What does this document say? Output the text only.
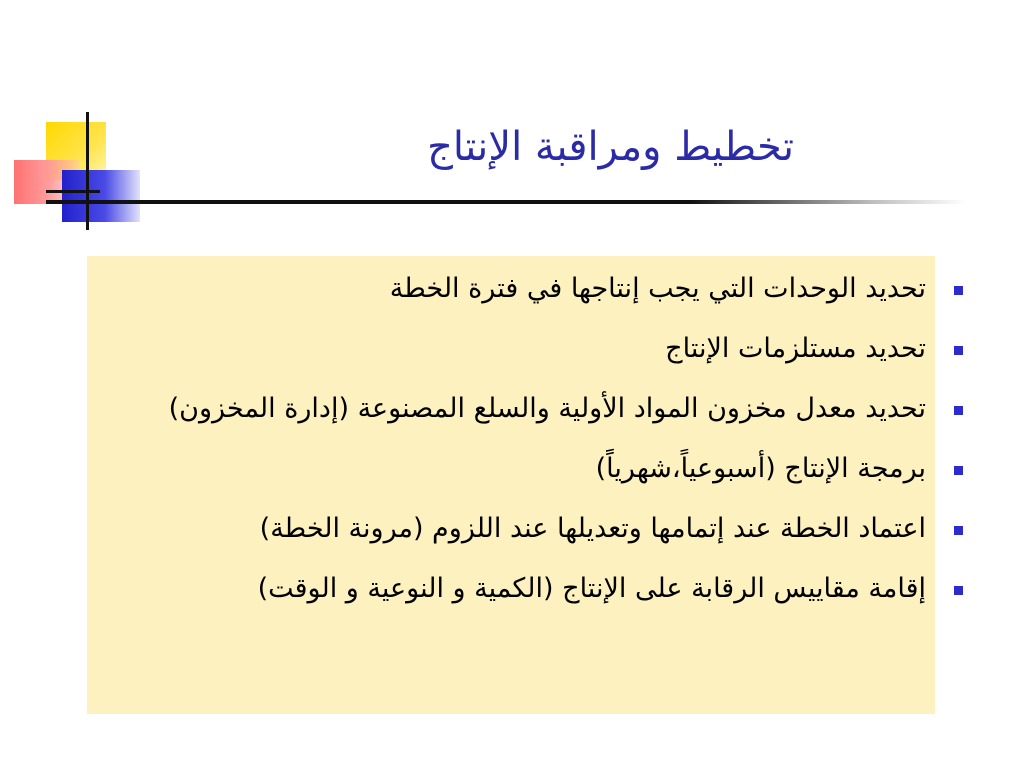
تخطيط ومراقبة الإنتاج
تحديد الوحدات التي يجب إنتاجها في فترة الخطة
تحديد مستلزمات الإنتاج
تحديد معدل مخزون المواد الأولية والسلع المصنوعة (إدارة المخزون)
برمجة الإنتاج (أسبوعياً،شهرياًً)
اعتماد الخطة عند إتمامها وتعديلها عند اللزوم (مرونة الخطة)
إقامة مقاييس الرقابة على الإنتاج (الكمية و النوعية و الوقت)
